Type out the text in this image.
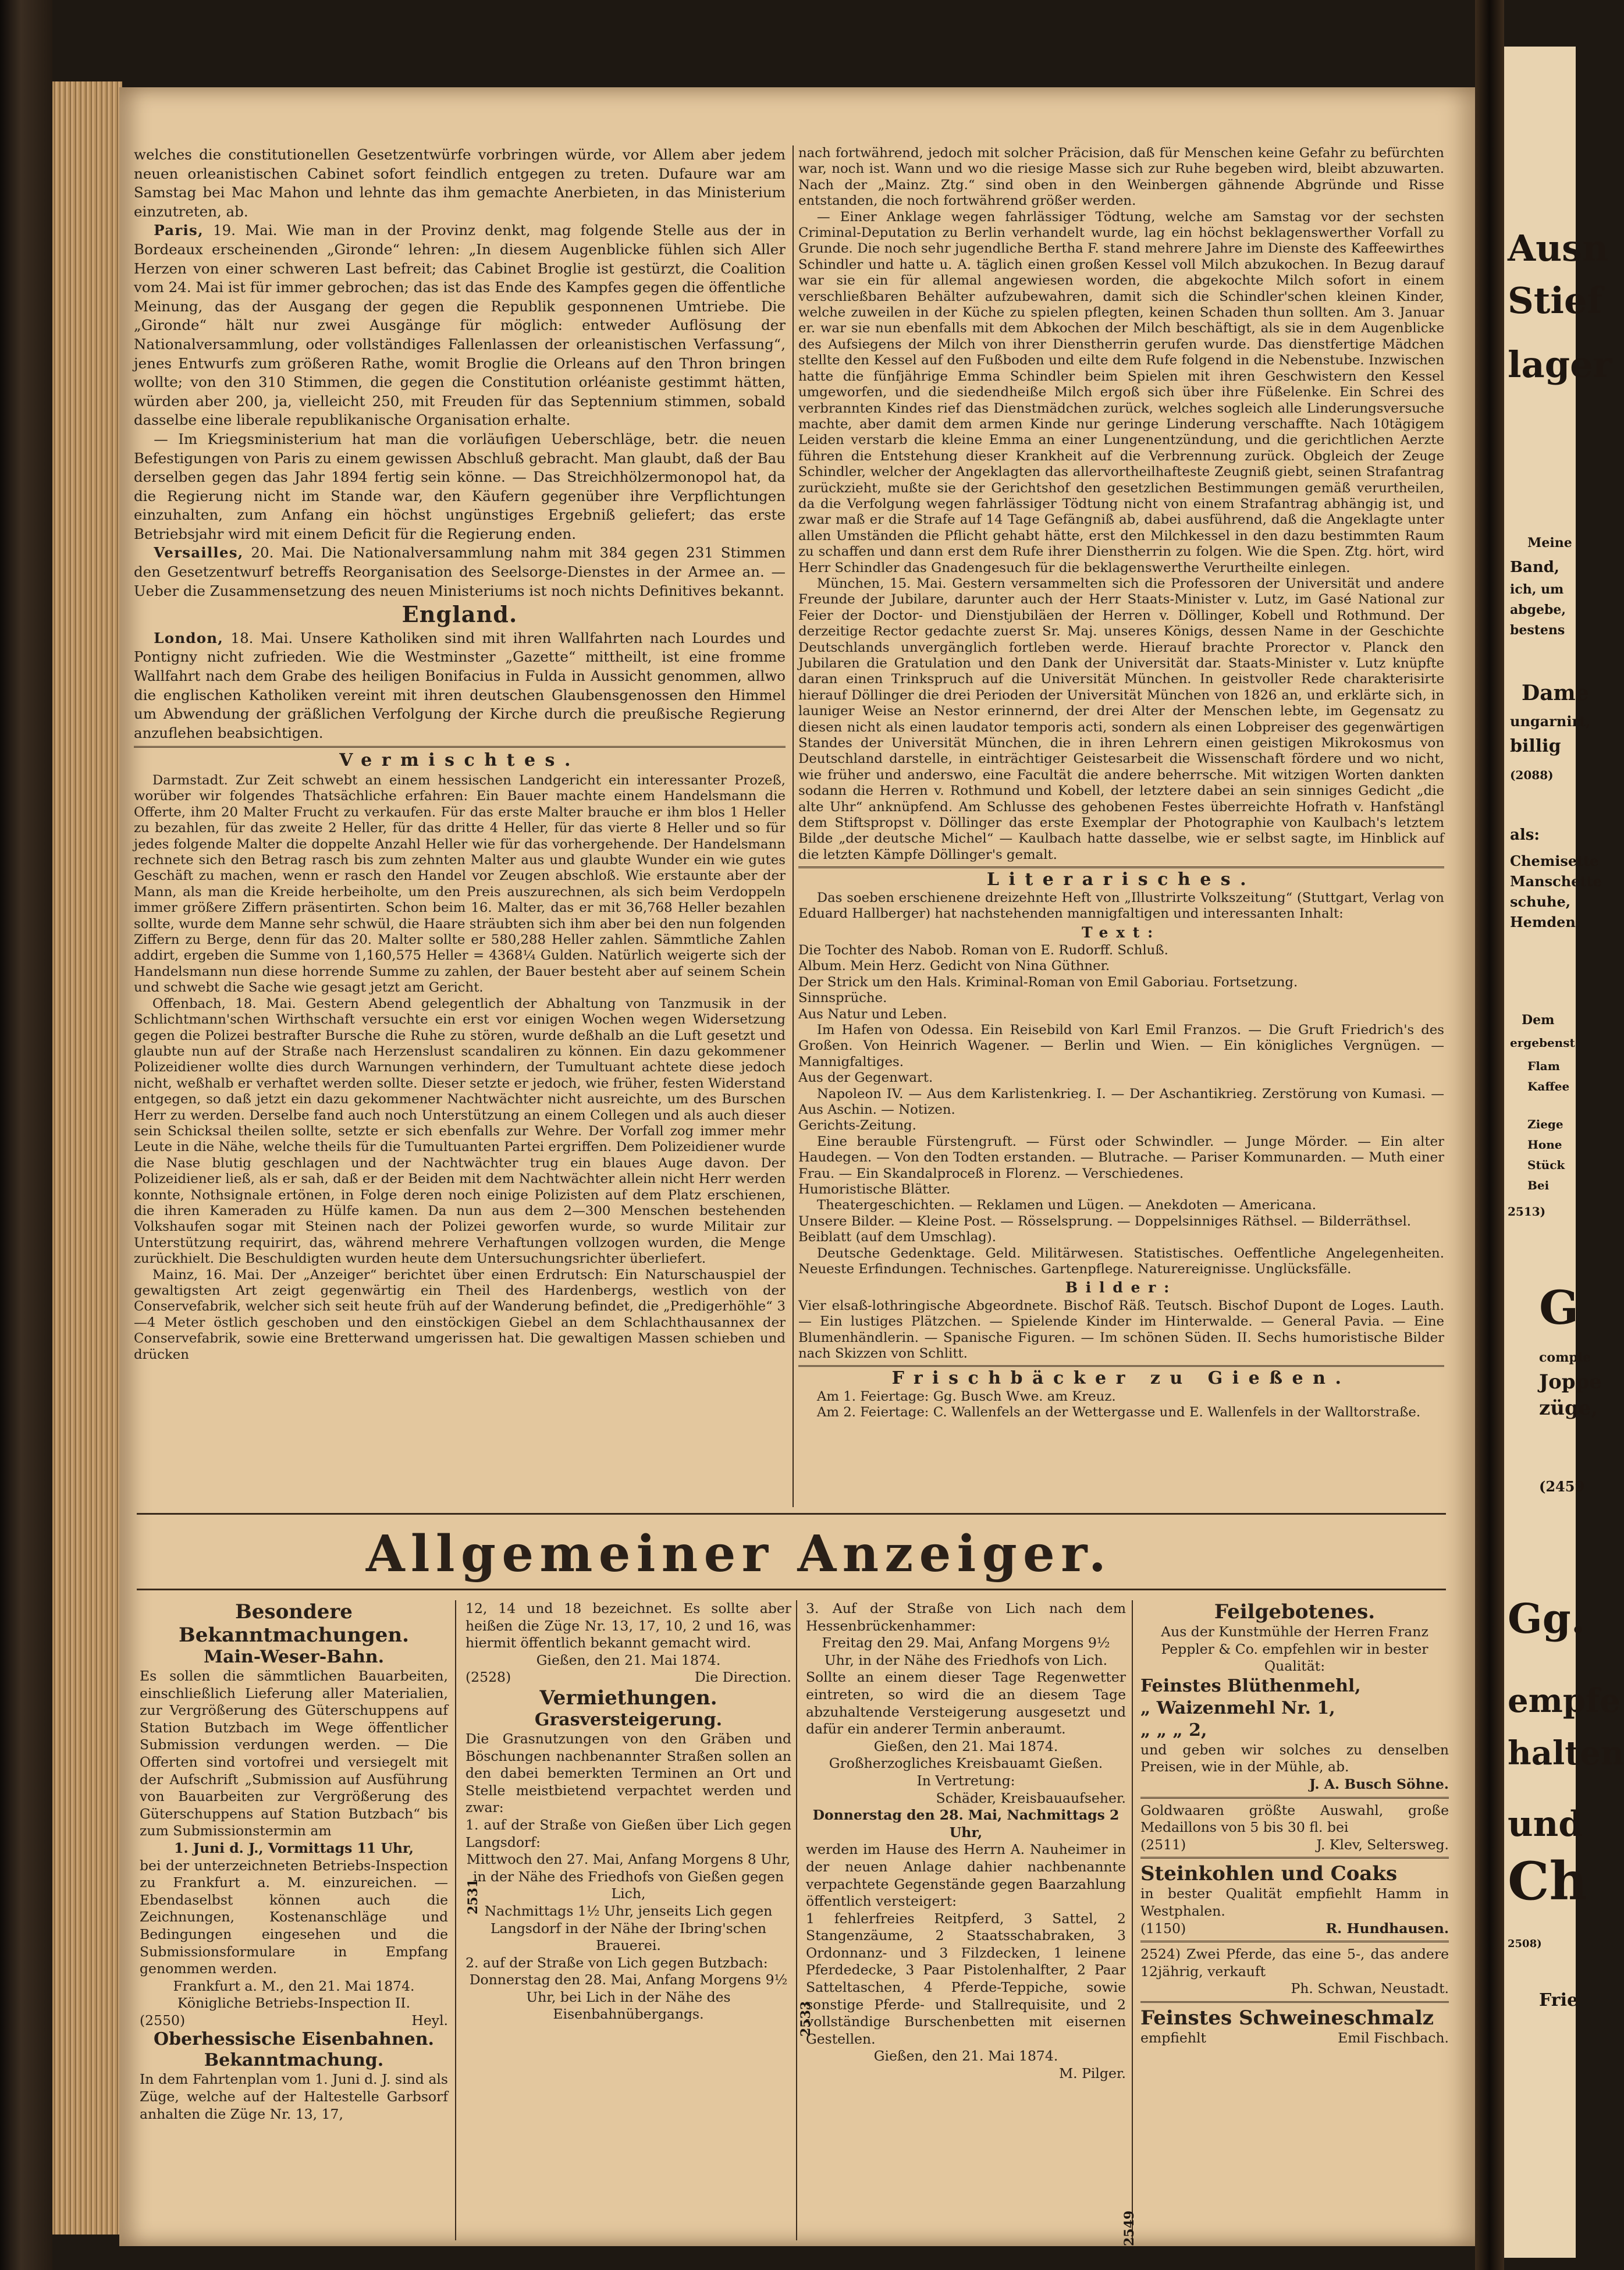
welches die constitutionellen Gesetzentwürfe vorbringen würde, vor Allem aber jedem neuen orleanistischen Cabinet sofort feindlich entgegen zu treten. Dufaure war am Samstag bei Mac Mahon und lehnte das ihm gemachte Anerbieten, in das Ministerium einzutreten, ab.

Paris, 19. Mai. Wie man in der Provinz denkt, mag folgende Stelle aus der in Bordeaux erscheinenden „Gironde“ lehren: „In diesem Augenblicke fühlen sich Aller Herzen von einer schweren Last befreit; das Cabinet Broglie ist gestürzt, die Coalition vom 24. Mai ist für immer gebrochen; das ist das Ende des Kampfes gegen die öffentliche Meinung, das der Ausgang der gegen die Republik gesponnenen Umtriebe. Die „Gironde“ hält nur zwei Ausgänge für möglich: entweder Auflösung der Nationalversammlung, oder vollständiges Fallenlassen der orleanistischen Verfassung“, jenes Entwurfs zum größeren Rathe, womit Broglie die Orleans auf den Thron bringen wollte; von den 310 Stimmen, die gegen die Constitution orléaniste gestimmt hätten, würden aber 200, ja, vielleicht 250, mit Freuden für das Septennium stimmen, sobald dasselbe eine liberale republikanische Organisation erhalte.

— Im Kriegsministerium hat man die vorläufigen Ueberschläge, betr. die neuen Befestigungen von Paris zu einem gewissen Abschluß gebracht. Man glaubt, daß der Bau derselben gegen das Jahr 1894 fertig sein könne. — Das Streichhölzermonopol hat, da die Regierung nicht im Stande war, den Käufern gegenüber ihre Verpflichtungen einzuhalten, zum Anfang ein höchst ungünstiges Ergebniß geliefert; das erste Betriebsjahr wird mit einem Deficit für die Regierung enden.

Versailles, 20. Mai. Die Nationalversammlung nahm mit 384 gegen 231 Stimmen den Gesetzentwurf betreffs Reorganisation des Seelsorge-Dienstes in der Armee an. — Ueber die Zusammensetzung des neuen Ministeriums ist noch nichts Definitives bekannt.

England.

London, 18. Mai. Unsere Katholiken sind mit ihren Wallfahrten nach Lourdes und Pontigny nicht zufrieden. Wie die Westminster „Gazette“ mittheilt, ist eine fromme Wallfahrt nach dem Grabe des heiligen Bonifacius in Fulda in Aussicht genommen, allwo die englischen Katholiken vereint mit ihren deutschen Glaubensgenossen den Himmel um Abwendung der gräßlichen Verfolgung der Kirche durch die preußische Regierung anzuflehen beabsichtigen.

Vermischtes.

Darmstadt. Zur Zeit schwebt an einem hessischen Landgericht ein interessanter Prozeß, worüber wir folgendes Thatsächliche erfahren: Ein Bauer machte einem Handelsmann die Offerte, ihm 20 Malter Frucht zu verkaufen. Für das erste Malter brauche er ihm blos 1 Heller zu bezahlen, für das zweite 2 Heller, für das dritte 4 Heller, für das vierte 8 Heller und so für jedes folgende Malter die doppelte Anzahl Heller wie für das vorhergehende. Der Handelsmann rechnete sich den Betrag rasch bis zum zehnten Malter aus und glaubte Wunder ein wie gutes Geschäft zu machen, wenn er rasch den Handel vor Zeugen abschloß. Wie erstaunte aber der Mann, als man die Kreide herbeiholte, um den Preis auszurechnen, als sich beim Verdoppeln immer größere Ziffern präsentirten. Schon beim 16. Malter, das er mit 36,768 Heller bezahlen sollte, wurde dem Manne sehr schwül, die Haare sträubten sich ihm aber bei den nun folgenden Ziffern zu Berge, denn für das 20. Malter sollte er 580,288 Heller zahlen. Sämmtliche Zahlen addirt, ergeben die Summe von 1,160,575 Heller = 4368¼ Gulden. Natürlich weigerte sich der Handelsmann nun diese horrende Summe zu zahlen, der Bauer besteht aber auf seinem Schein und schwebt die Sache wie gesagt jetzt am Gericht.

Offenbach, 18. Mai. Gestern Abend gelegentlich der Abhaltung von Tanzmusik in der Schlichtmann'schen Wirthschaft versuchte ein erst vor einigen Wochen wegen Widersetzung gegen die Polizei bestrafter Bursche die Ruhe zu stören, wurde deßhalb an die Luft gesetzt und glaubte nun auf der Straße nach Herzenslust scandaliren zu können. Ein dazu gekommener Polizeidiener wollte dies durch Warnungen verhindern, der Tumultuant achtete diese jedoch nicht, weßhalb er verhaftet werden sollte. Dieser setzte er jedoch, wie früher, festen Widerstand entgegen, so daß jetzt ein dazu gekommener Nachtwächter nicht ausreichte, um des Burschen Herr zu werden. Derselbe fand auch noch Unterstützung an einem Collegen und als auch dieser sein Schicksal theilen sollte, setzte er sich ebenfalls zur Wehre. Der Vorfall zog immer mehr Leute in die Nähe, welche theils für die Tumultuanten Partei ergriffen. Dem Polizeidiener wurde die Nase blutig geschlagen und der Nachtwächter trug ein blaues Auge davon. Der Polizeidiener ließ, als er sah, daß er der Beiden mit dem Nachtwächter allein nicht Herr werden konnte, Nothsignale ertönen, in Folge deren noch einige Polizisten auf dem Platz erschienen, die ihren Kameraden zu Hülfe kamen. Da nun aus dem 2—300 Menschen bestehenden Volkshaufen sogar mit Steinen nach der Polizei geworfen wurde, so wurde Militair zur Unterstützung requirirt, das, während mehrere Verhaftungen vollzogen wurden, die Menge zurückhielt. Die Beschuldigten wurden heute dem Untersuchungsrichter überliefert.

Mainz, 16. Mai. Der „Anzeiger“ berichtet über einen Erdrutsch: Ein Naturschauspiel der gewaltigsten Art zeigt gegenwärtig ein Theil des Hardenbergs, westlich von der Conservefabrik, welcher sich seit heute früh auf der Wanderung befindet, die „Predigerhöhle“ 3—4 Meter östlich geschoben und den einstöckigen Giebel an dem Schlachthausannex der Conservefabrik, sowie eine Bretterwand umgerissen hat. Die gewaltigen Massen schieben und drücken

nach fortwährend, jedoch mit solcher Präcision, daß für Menschen keine Gefahr zu befürchten war, noch ist. Wann und wo die riesige Masse sich zur Ruhe begeben wird, bleibt abzuwarten. Nach der „Mainz. Ztg.“ sind oben in den Weinbergen gähnende Abgründe und Risse entstanden, die noch fortwährend größer werden.

— Einer Anklage wegen fahrlässiger Tödtung, welche am Samstag vor der sechsten Criminal-Deputation zu Berlin verhandelt wurde, lag ein höchst beklagenswerther Vorfall zu Grunde. Die noch sehr jugendliche Bertha F. stand mehrere Jahre im Dienste des Kaffeewirthes Schindler und hatte u. A. täglich einen großen Kessel voll Milch abzukochen. In Bezug darauf war sie ein für allemal angewiesen worden, die abgekochte Milch sofort in einem verschließbaren Behälter aufzubewahren, damit sich die Schindler'schen kleinen Kinder, welche zuweilen in der Küche zu spielen pflegten, keinen Schaden thun sollten. Am 3. Januar er. war sie nun ebenfalls mit dem Abkochen der Milch beschäftigt, als sie in dem Augenblicke des Aufsiegens der Milch von ihrer Dienstherrin gerufen wurde. Das dienstfertige Mädchen stellte den Kessel auf den Fußboden und eilte dem Rufe folgend in die Nebenstube. Inzwischen hatte die fünfjährige Emma Schindler beim Spielen mit ihren Geschwistern den Kessel umgeworfen, und die siedendheiße Milch ergoß sich über ihre Füßelenke. Ein Schrei des verbrannten Kindes rief das Dienstmädchen zurück, welches sogleich alle Linderungsversuche machte, aber damit dem armen Kinde nur geringe Linderung verschaffte. Nach 10tägigem Leiden verstarb die kleine Emma an einer Lungenentzündung, und die gerichtlichen Aerzte führen die Entstehung dieser Krankheit auf die Verbrennung zurück. Obgleich der Zeuge Schindler, welcher der Angeklagten das allervortheilhafteste Zeugniß giebt, seinen Strafantrag zurückzieht, mußte sie der Gerichtshof den gesetzlichen Bestimmungen gemäß verurtheilen, da die Verfolgung wegen fahrlässiger Tödtung nicht von einem Strafantrag abhängig ist, und zwar maß er die Strafe auf 14 Tage Gefängniß ab, dabei ausführend, daß die Angeklagte unter allen Umständen die Pflicht gehabt hätte, erst den Milchkessel in den dazu bestimmten Raum zu schaffen und dann erst dem Rufe ihrer Dienstherrin zu folgen. Wie die Spen. Ztg. hört, wird Herr Schindler das Gnadengesuch für die beklagenswerthe Verurtheilte einlegen.

München, 15. Mai. Gestern versammelten sich die Professoren der Universität und andere Freunde der Jubilare, darunter auch der Herr Staats-Minister v. Lutz, im Gasé National zur Feier der Doctor- und Dienstjubiläen der Herren v. Döllinger, Kobell und Rothmund. Der derzeitige Rector gedachte zuerst Sr. Maj. unseres Königs, dessen Name in der Geschichte Deutschlands unvergänglich fortleben werde. Hierauf brachte Prorector v. Planck den Jubilaren die Gratulation und den Dank der Universität dar. Staats-Minister v. Lutz knüpfte daran einen Trinkspruch auf die Universität München. In geistvoller Rede charakterisirte hierauf Döllinger die drei Perioden der Universität München von 1826 an, und erklärte sich, in launiger Weise an Nestor erinnernd, der drei Alter der Menschen lebte, im Gegensatz zu diesen nicht als einen laudator temporis acti, sondern als einen Lobpreiser des gegenwärtigen Standes der Universität München, die in ihren Lehrern einen geistigen Mikrokosmus von Deutschland darstelle, in einträchtiger Geistesarbeit die Wissenschaft fördere und wo nicht, wie früher und anderswo, eine Facultät die andere beherrsche. Mit witzigen Worten dankten sodann die Herren v. Rothmund und Kobell, der letztere dabei an sein sinniges Gedicht „die alte Uhr“ anknüpfend. Am Schlusse des gehobenen Festes überreichte Hofrath v. Hanfstängl dem Stiftspropst v. Döllinger das erste Exemplar der Photographie von Kaulbach's letztem Bilde „der deutsche Michel“ — Kaulbach hatte dasselbe, wie er selbst sagte, im Hinblick auf die letzten Kämpfe Döllinger's gemalt.

Literarisches.

Das soeben erschienene dreizehnte Heft von „Illustrirte Volkszeitung“ (Stuttgart, Verlag von Eduard Hallberger) hat nachstehenden mannigfaltigen und interessanten Inhalt:

Text:

Die Tochter des Nabob. Roman von E. Rudorff. Schluß.

Album. Mein Herz. Gedicht von Nina Güthner.

Der Strick um den Hals. Kriminal-Roman von Emil Gaboriau. Fortsetzung.

Sinnsprüche.

Aus Natur und Leben.

Im Hafen von Odessa. Ein Reisebild von Karl Emil Franzos. — Die Gruft Friedrich's des Großen. Von Heinrich Wagener. — Berlin und Wien. — Ein königliches Vergnügen. — Mannigfaltiges.

Aus der Gegenwart.

Napoleon IV. — Aus dem Karlistenkrieg. I. — Der Aschantikrieg. Zerstörung von Kumasi. — Aus Aschin. — Notizen.

Gerichts-Zeitung.

Eine berauble Fürstengruft. — Fürst oder Schwindler. — Junge Mörder. — Ein alter Haudegen. — Von den Todten erstanden. — Blutrache. — Pariser Kommunarden. — Muth einer Frau. — Ein Skandalproceß in Florenz. — Verschiedenes.

Humoristische Blätter.

Theatergeschichten. — Reklamen und Lügen. — Anekdoten — Americana.

Unsere Bilder. — Kleine Post. — Rösselsprung. — Doppelsinniges Räthsel. — Bilderräthsel.

Beiblatt (auf dem Umschlag).

Deutsche Gedenktage. Geld. Militärwesen. Statistisches. Oeffentliche Angelegenheiten. Neueste Erfindungen. Technisches. Gartenpflege. Naturereignisse. Unglücksfälle.

Bilder:

Vier elsaß-lothringische Abgeordnete. Bischof Räß. Teutsch. Bischof Dupont de Loges. Lauth. — Ein lustiges Plätzchen. — Spielende Kinder im Hinterwalde. — General Pavia. — Eine Blumenhändlerin. — Spanische Figuren. — Im schönen Süden. II. Sechs humoristische Bilder nach Skizzen von Schlitt.

Frischbäcker zu Gießen.

Am 1. Feiertage: Gg. Busch Wwe. am Kreuz.

Am 2. Feiertage: C. Wallenfels an der Wettergasse und E. Wallenfels in der Walltorstraße.

Allgemeiner Anzeiger.
Besondere Bekanntmachungen.
Main-Weser-Bahn.
Es sollen die sämmtlichen Bauarbeiten, einschließlich Lieferung aller Materialien, zur Vergrößerung des Güterschuppens auf Station Butzbach im Wege öffentlicher Submission verdungen werden. — Die Offerten sind vortofrei und versiegelt mit der Aufschrift „Submission auf Ausführung von Bauarbeiten zur Vergrößerung des Güterschuppens auf Station Butzbach“ bis zum Submissionstermin am
1. Juni d. J., Vormittags 11 Uhr,
bei der unterzeichneten Betriebs-Inspection zu Frankfurt a. M. einzureichen. — Ebendaselbst können auch die Zeichnungen, Kostenanschläge und Bedingungen eingesehen und die Submissionsformulare in Empfang genommen werden.
Frankfurt a. M., den 21. Mai 1874.
Königliche Betriebs-Inspection II.
(2550)	Heyl.
Oberhessische Eisenbahnen.
Bekanntmachung.
In dem Fahrtenplan vom 1. Juni d. J. sind als Züge, welche auf der Haltestelle Garbsorf anhalten die Züge Nr. 13, 17,
12, 14 und 18 bezeichnet. Es sollte aber heißen die Züge Nr. 13, 17, 10, 2 und 16, was hiermit öffentlich bekannt gemacht wird.
Gießen, den 21. Mai 1874.
(2528)	Die Direction.
Vermiethungen.
Grasversteigerung.
Die Grasnutzungen von den Gräben und Böschungen nachbenannter Straßen sollen an den dabei bemerkten Terminen an Ort und Stelle meistbietend verpachtet werden und zwar:
1. auf der Straße von Gießen über Lich gegen Langsdorf:
Mittwoch den 27. Mai, Anfang Morgens 8 Uhr, in der Nähe des Friedhofs von Gießen gegen Lich,
Nachmittags 1½ Uhr, jenseits Lich gegen Langsdorf in der Nähe der Ibring'schen Brauerei.
2. auf der Straße von Lich gegen Butzbach:
Donnerstag den 28. Mai, Anfang Morgens 9½ Uhr, bei Lich in der Nähe des Eisenbahnübergangs.
2531
3. Auf der Straße von Lich nach dem Hessenbrückenhammer:
Freitag den 29. Mai, Anfang Morgens 9½ Uhr, in der Nähe des Friedhofs von Lich.
Sollte an einem dieser Tage Regenwetter eintreten, so wird die an diesem Tage abzuhaltende Versteigerung ausgesetzt und dafür ein anderer Termin anberaumt.
Gießen, den 21. Mai 1874.
Großherzogliches Kreisbauamt Gießen.
In Vertretung:
Schäder, Kreisbauaufseher.
Donnerstag den 28. Mai, Nachmittags 2 Uhr,
werden im Hause des Herrn A. Nauheimer in der neuen Anlage dahier nachbenannte verpachtete Gegenstände gegen Baarzahlung öffentlich versteigert:
1 fehlerfreies Reitpferd, 3 Sattel, 2 Stangenzäume, 2 Staatsschabraken, 3 Ordonnanz- und 3 Filzdecken, 1 leinene Pferdedecke, 3 Paar Pistolenhalfter, 2 Paar Satteltaschen, 4 Pferde-Teppiche, sowie sonstige Pferde- und Stallrequisite, und 2 vollständige Burschenbetten mit eisernen Gestellen.
Gießen, den 21. Mai 1874.
M. Pilger.
Feilgebotenes.
Aus der Kunstmühle der Herren Franz Peppler & Co. empfehlen wir in bester Qualität:
Feinstes Blüthenmehl,
„ Waizenmehl Nr. 1,
„ „ „ 2,
und geben wir solches zu denselben Preisen, wie in der Mühle, ab.
J. A. Busch Söhne.
Goldwaaren größte Auswahl, große Medaillons von 5 bis 30 fl. bei
(2511)	J. Klev, Seltersweg.
Steinkohlen und Coaks
in bester Qualität empfiehlt Hamm in Westphalen.
(1150)	R. Hundhausen.
2524) Zwei Pferde, das eine 5-, das andere 12jährig, verkauft
Ph. Schwan, Neustadt.
Feinstes Schweineschmalz
empfiehlt	Emil Fischbach.
2549
2533
Ausn
Stief
lager
Meine
Band,
ich, um
abgebe,
bestens
Dame
ungarnirt,
billig
(2088)
als:
Chemisette
Manschette
schuhe,
Hemden,
Dem
ergebenst
Flam
Kaffee
Ziege
Hone
Stück
Bei
2513)
G
comple
Joppe
züge,
(2459
Gg.
empfe
halten
und
Ch
2508)
Frie
